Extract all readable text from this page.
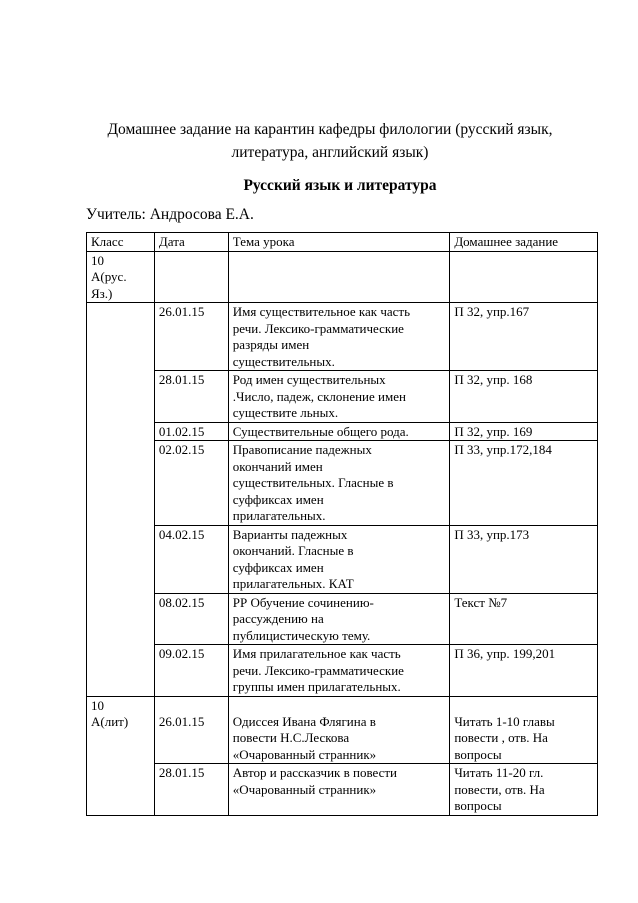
Домашнее задание на карантин кафедры филологии (русский язык,
литература, английский язык)
Русский язык и литература
Учитель: Андросова Е.А.
Класс	Дата	Тема урока	Домашнее задание

10
А(рус.
Яз.)			

	26.01.15	Имя существительное как часть
речи. Лексико-грамматические
разряды имен
существительных.	П 32, упр.167

	28.01.15	Род имен существительных
.Число, падеж, склонение имен
существите льных.	П 32, упр. 168

	01.02.15	Существительные общего рода.	П 32, упр. 169

	02.02.15	Правописание падежных
окончаний имен
существительных. Гласные в
суффиксах имен
прилагательных.	П 33, упр.172,184

	04.02.15	Варианты падежных
окончаний. Гласные в
суффиксах имен
прилагательных. КАТ	П 33, упр.173

	08.02.15	РР Обучение сочинению-
рассуждению на
публицистическую тему.	Текст №7

	09.02.15	Имя прилагательное как часть
речи. Лексико-грамматические
группы имен прилагательных.	П 36, упр. 199,201

10
А(лит)	26.01.15	Одиссея Ивана Флягина в
повести Н.С.Лескова
«Очарованный странник»	Читать 1-10 главы
повести , отв. На
вопросы

	28.01.15	Автор и рассказчик в повести
«Очарованный странник»	Читать 11-20 гл.
повести, отв. На
вопросы
